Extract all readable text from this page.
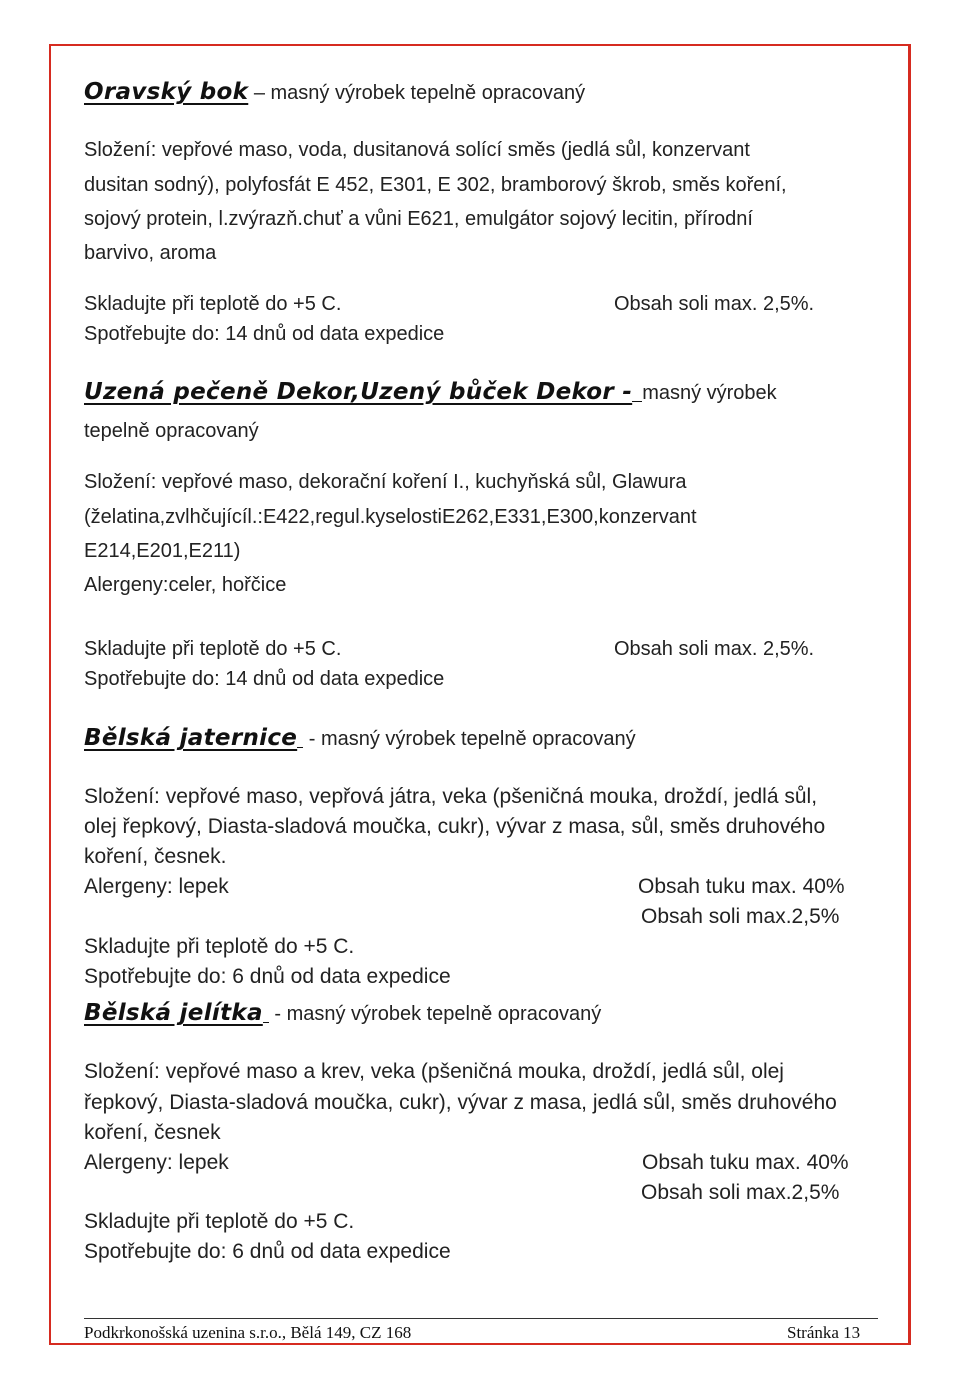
Oravský bok – masný výrobek tepelně opracovaný
Složení: vepřové maso, voda, dusitanová solící směs (jedlá sůl, konzervant
dusitan sodný), polyfosfát E 452, E301, E 302, bramborový škrob, směs koření,
sojový protein, l.zvýrazň.chuť a vůni E621, emulgátor sojový lecitin, přírodní
barvivo, aroma
Skladujte při teplotě do +5 C.	Obsah soli max. 2,5%.
Spotřebujte do: 14 dnů od data expedice
Uzená pečeně Dekor,Uzený bůček Dekor - masný výrobek
tepelně opracovaný
Složení: vepřové maso, dekorační koření I., kuchyňská sůl, Glawura
(želatina,zvlhčujícíl.:E422,regul.kyselostiE262,E331,E300,konzervant
E214,E201,E211)
Alergeny:celer, hořčice
Skladujte při teplotě do +5 C.	Obsah soli max. 2,5%.
Spotřebujte do: 14 dnů od data expedice
Bělská jaternice - masný výrobek tepelně opracovaný
Složení: vepřové maso, vepřová játra, veka (pšeničná mouka, droždí, jedlá sůl,
olej řepkový, Diasta-sladová moučka, cukr), vývar z masa, sůl, směs druhového
koření, česnek.
Alergeny: lepek	Obsah tuku max. 40%
Obsah soli max.2,5%
Skladujte při teplotě do +5 C.
Spotřebujte do: 6 dnů od data expedice
Bělská jelítka - masný výrobek tepelně opracovaný
Složení: vepřové maso a krev, veka (pšeničná mouka, droždí, jedlá sůl, olej
řepkový, Diasta-sladová moučka, cukr), vývar z masa, jedlá sůl, směs druhového
koření, česnek
Alergeny: lepek	Obsah tuku max. 40%
Obsah soli max.2,5%
Skladujte při teplotě do +5 C.
Spotřebujte do: 6 dnů od data expedice
Podkrkonošská uzenina s.r.o., Bělá 149, CZ 168	Stránka 13
